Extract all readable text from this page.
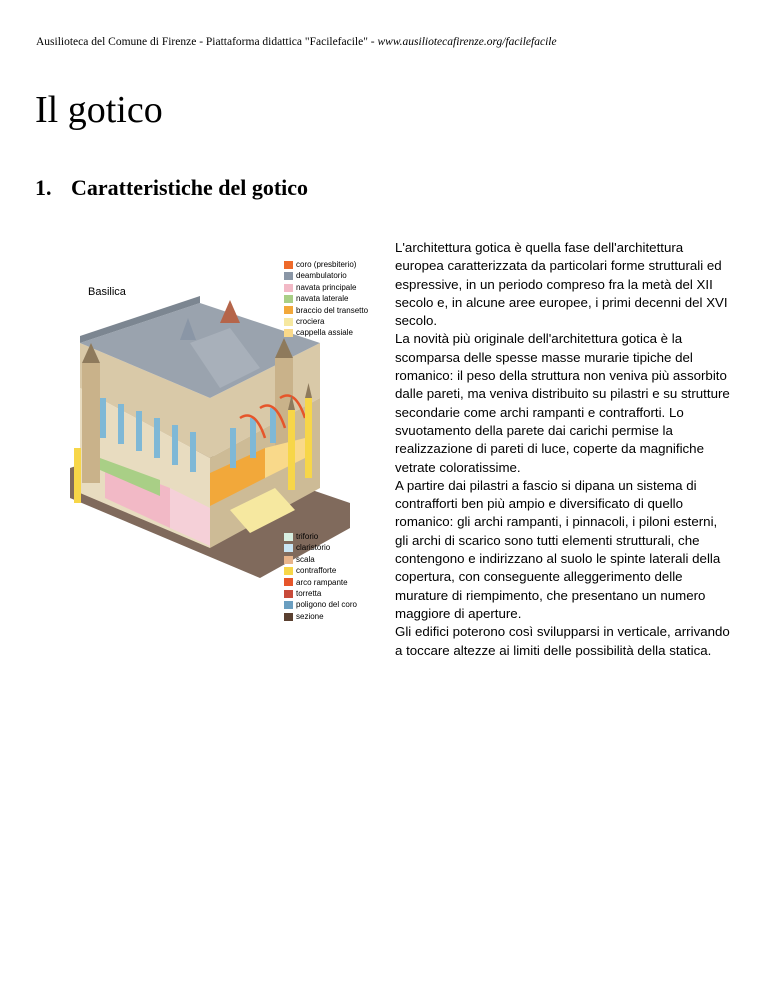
Ausilioteca del Comune di Firenze - Piattaforma didattica "Facilefacile" - www.ausiliotecafirenze.org/facilefacile
Il gotico
1. Caratteristiche del gotico
Basilica
coro (presbiterio)
deambulatorio
navata principale
navata laterale
braccio del transetto
crociera
cappella assiale
triforio
claristorio
scala
contrafforte
arco rampante
torretta
poligono del coro
sezione
L'architettura gotica è quella fase dell'architettura europea caratterizzata da particolari forme strutturali ed espressive, in un periodo compreso fra la metà del XII secolo e, in alcune aree europee, i primi decenni del XVI secolo.
La novità più originale dell'architettura gotica è la scomparsa delle spesse masse murarie tipiche del romanico: il peso della struttura non veniva più assorbito dalle pareti, ma veniva distribuito su pilastri e su strutture secondarie come archi rampanti e contrafforti. Lo svuotamento della parete dai carichi permise la realizzazione di pareti di luce, coperte da magnifiche vetrate coloratissime.
A partire dai pilastri a fascio si dipana un sistema di contrafforti ben più ampio e diversificato di quello romanico: gli archi rampanti, i pinnacoli, i piloni esterni, gli archi di scarico sono tutti elementi strutturali, che contengono e indirizzano al suolo le spinte laterali della copertura, con conseguente alleggerimento delle murature di riempimento, che presentano un numero maggiore di aperture.
Gli edifici poterono così svilupparsi in verticale, arrivando a toccare altezze ai limiti delle possibilità della statica.
